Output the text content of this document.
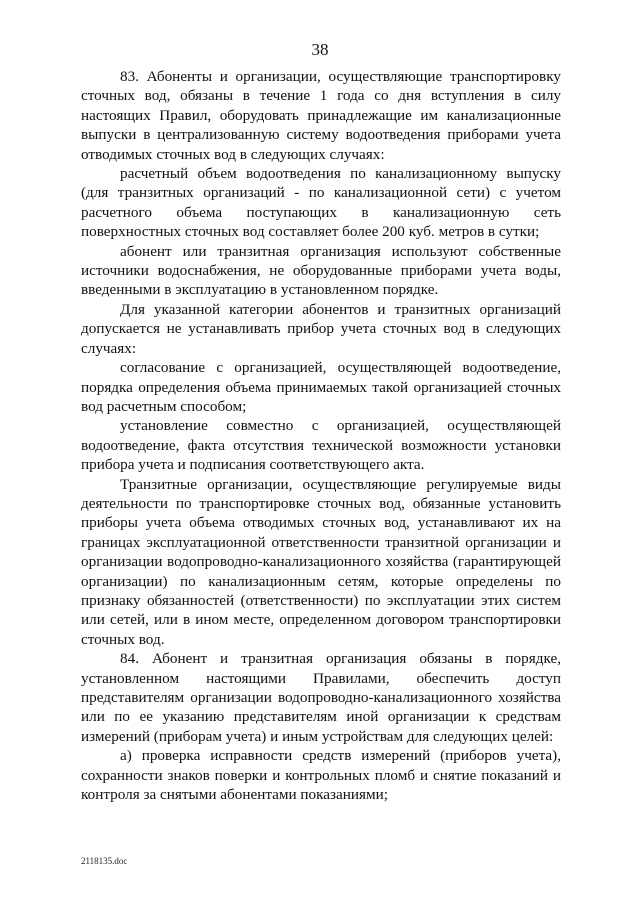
38

83. Абоненты и организации, осуществляющие транспортировку сточных вод, обязаны в течение 1 года со дня вступления в силу настоящих Правил, оборудовать принадлежащие им канализационные выпуски в централизованную систему водоотведения приборами учета отводимых сточных вод в следующих случаях:

расчетный объем водоотведения по канализационному выпуску (для транзитных организаций - по канализационной сети) с учетом расчетного объема поступающих в канализационную сеть поверхностных сточных вод составляет более 200 куб. метров в сутки;

абонент или транзитная организация используют собственные источники водоснабжения, не оборудованные приборами учета воды, введенными в эксплуатацию в установленном порядке.

Для указанной категории абонентов и транзитных организаций допускается не устанавливать прибор учета сточных вод в следующих случаях:

согласование с организацией, осуществляющей водоотведение, порядка определения объема принимаемых такой организацией сточных вод расчетным способом;

установление совместно с организацией, осуществляющей водоотведение, факта отсутствия технической возможности установки прибора учета и подписания соответствующего акта.

Транзитные организации, осуществляющие регулируемые виды деятельности по транспортировке сточных вод, обязанные установить приборы учета объема отводимых сточных вод, устанавливают их на границах эксплуатационной ответственности транзитной организации и организации водопроводно-канализационного хозяйства (гарантирующей организации) по канализационным сетям, которые определены по признаку обязанностей (ответственности) по эксплуатации этих систем или сетей, или в ином месте, определенном договором транспортировки сточных вод.

84. Абонент и транзитная организация обязаны в порядке, установленном настоящими Правилами, обеспечить доступ представителям организации водопроводно-канализационного хозяйства или по ее указанию представителям иной организации к средствам измерений (приборам учета) и иным устройствам для следующих целей:

а) проверка исправности средств измерений (приборов учета), сохранности знаков поверки и контрольных пломб и снятие показаний и контроля за снятыми абонентами показаниями;

2118135.doc
